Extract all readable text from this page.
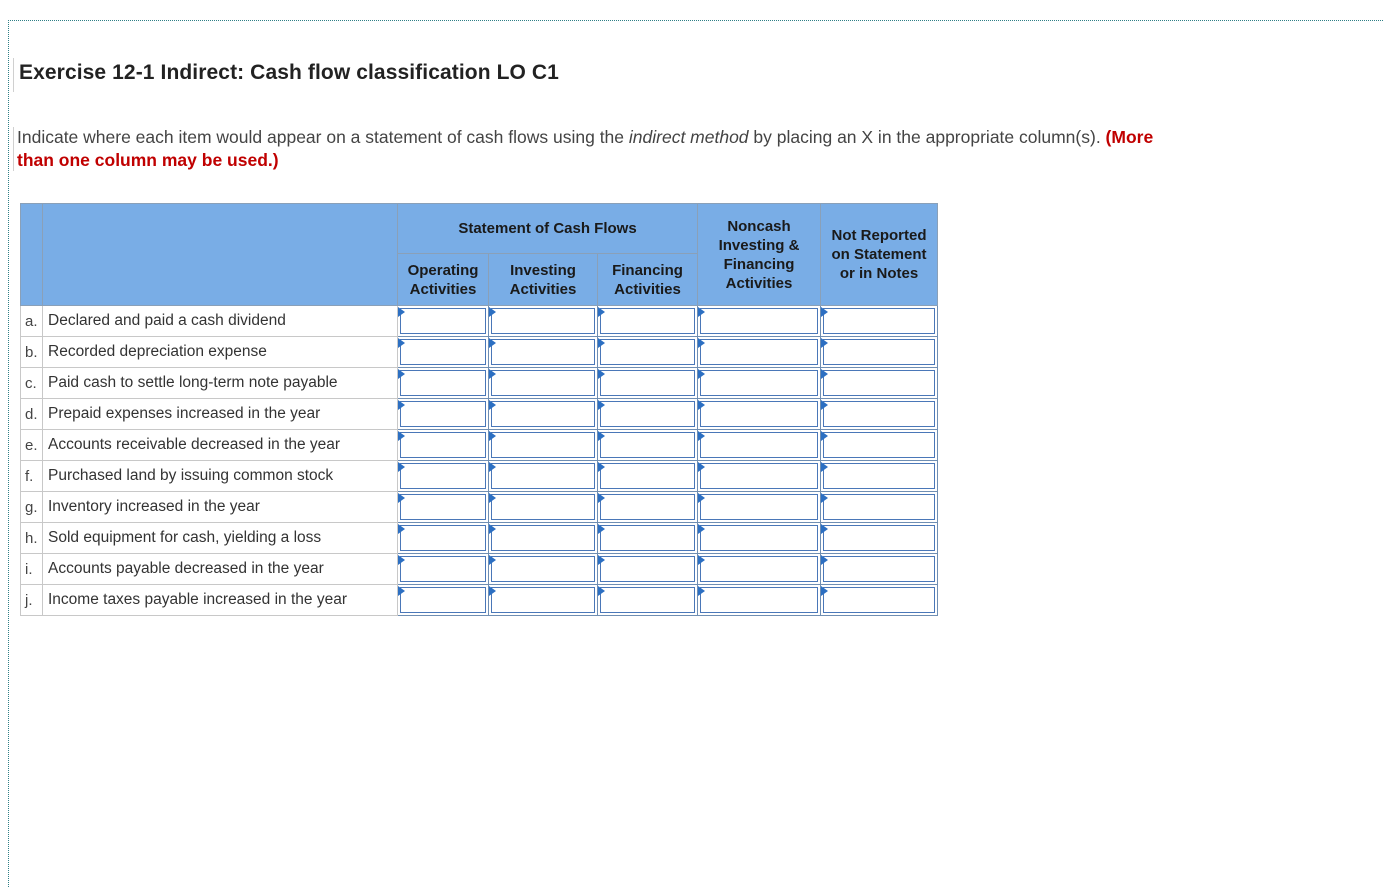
Exercise 12-1 Indirect: Cash flow classification LO C1
Indicate where each item would appear on a statement of cash flows using the indirect method by placing an X in the appropriate column(s). (More than one column may be used.)
		Statement of Cash Flows			Noncash Investing & Financing Activities	Not Reported on Statement or in Notes

		Operating Activities	Investing Activities	Financing Activities		

a.	Declared and paid a cash dividend	

b.	Recorded depreciation expense	

c.	Paid cash to settle long-term note payable	

d.	Prepaid expenses increased in the year	

e.	Accounts receivable decreased in the year	

f.	Purchased land by issuing common stock	

g.	Inventory increased in the year	

h.	Sold equipment for cash, yielding a loss	

i.	Accounts payable decreased in the year	

j.	Income taxes payable increased in the year	
